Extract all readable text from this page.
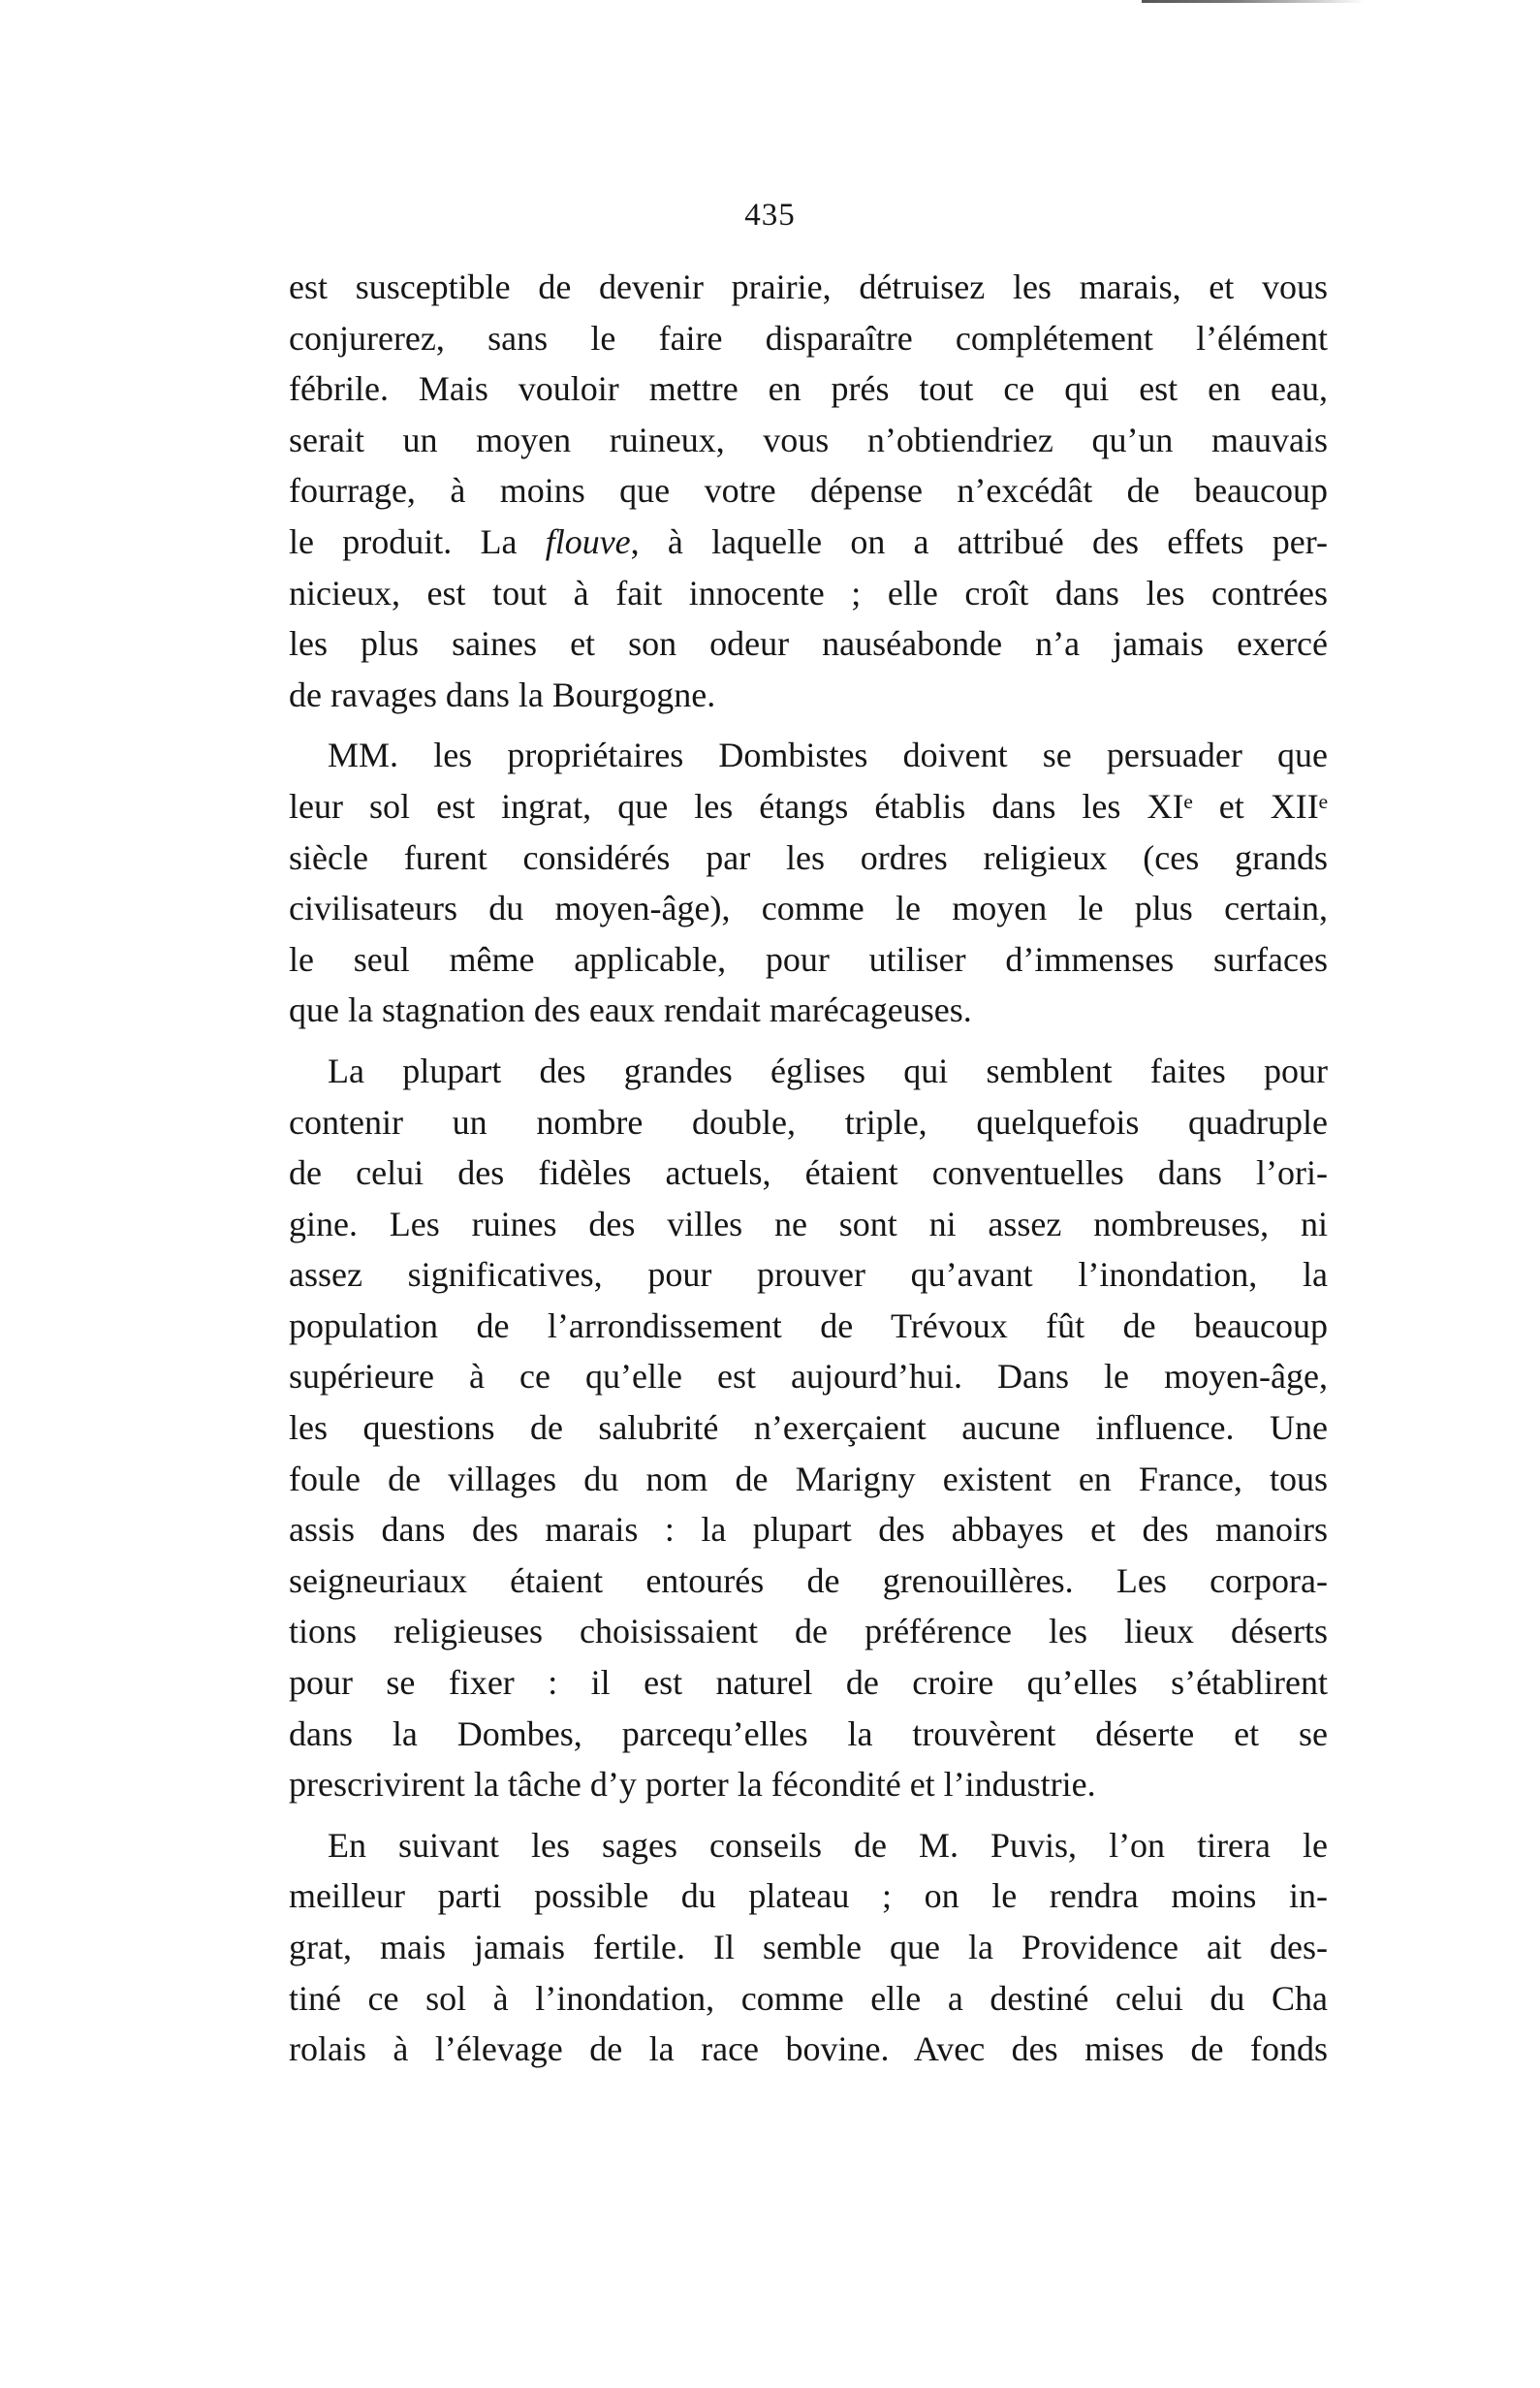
435
est susceptible de devenir prairie, détruisez les marais, et vous
conjurerez, sans le faire disparaître complétement l’élément
fébrile. Mais vouloir mettre en prés tout ce qui est en eau,
serait un moyen ruineux, vous n’obtiendriez qu’un mauvais
fourrage, à moins que votre dépense n’excédât de beaucoup
le produit. La flouve, à laquelle on a attribué des effets per-
nicieux, est tout à fait innocente ; elle croît dans les contrées
les plus saines et son odeur nauséabonde n’a jamais exercé
de ravages dans la Bourgogne.
MM. les propriétaires Dombistes doivent se persuader que
leur sol est ingrat, que les étangs établis dans les XIᵉ et XIIᵉ
siècle furent considérés par les ordres religieux (ces grands
civilisateurs du moyen-âge), comme le moyen le plus certain,
le seul même applicable, pour utiliser d’immenses surfaces
que la stagnation des eaux rendait marécageuses.
La plupart des grandes églises qui semblent faites pour
contenir un nombre double, triple, quelquefois quadruple
de celui des fidèles actuels, étaient conventuelles dans l’ori-
gine. Les ruines des villes ne sont ni assez nombreuses, ni
assez significatives, pour prouver qu’avant l’inondation, la
population de l’arrondissement de Trévoux fût de beaucoup
supérieure à ce qu’elle est aujourd’hui. Dans le moyen-âge,
les questions de salubrité n’exerçaient aucune influence. Une
foule de villages du nom de Marigny existent en France, tous
assis dans des marais : la plupart des abbayes et des manoirs
seigneuriaux étaient entourés de grenouillères. Les corpora-
tions religieuses choisissaient de préférence les lieux déserts
pour se fixer : il est naturel de croire qu’elles s’établirent
dans la Dombes, parcequ’elles la trouvèrent déserte et se
prescrivirent la tâche d’y porter la fécondité et l’industrie.
En suivant les sages conseils de M. Puvis, l’on tirera le
meilleur parti possible du plateau ; on le rendra moins in-
grat, mais jamais fertile. Il semble que la Providence ait des-
tiné ce sol à l’inondation, comme elle a destiné celui du Cha
rolais à l’élevage de la race bovine. Avec des mises de fonds
